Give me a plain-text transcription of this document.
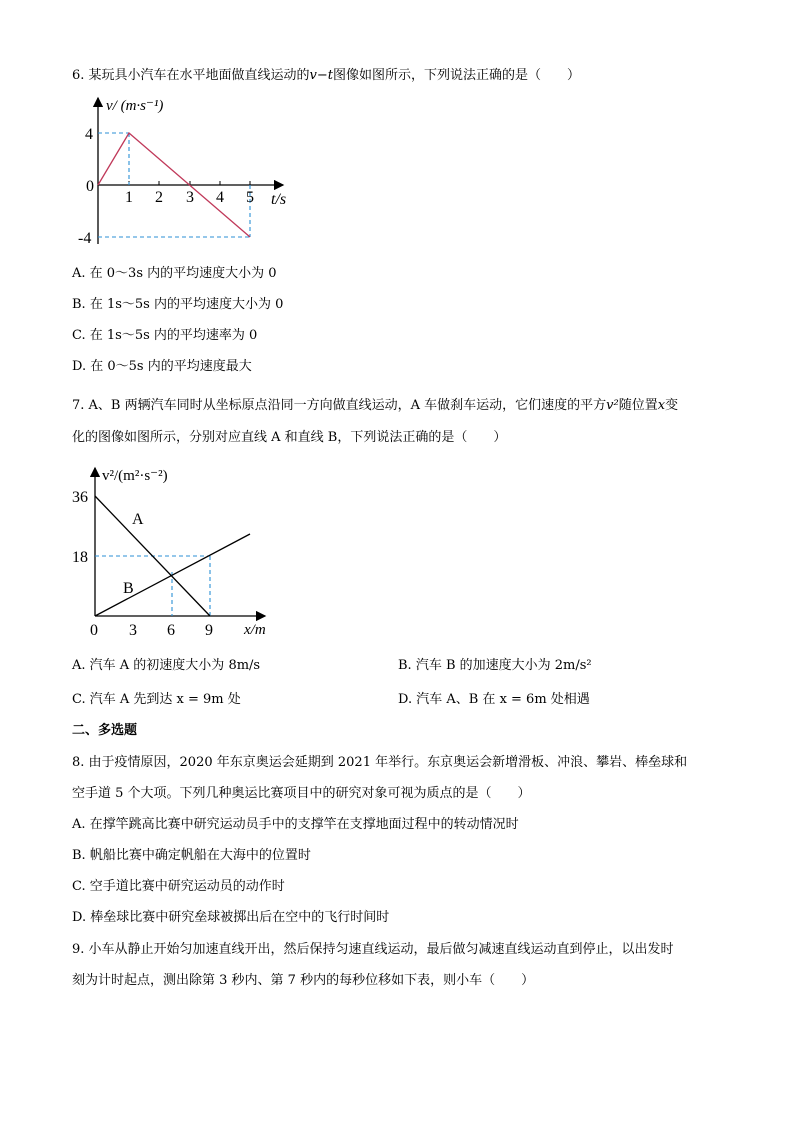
6. 某玩具小汽车在水平地面做直线运动的v−t图像如图所示，下列说法正确的是（　　）
v/ (m·s⁻¹)
t/s
4
0
-4
1 2 3 4 5
A. 在 0～3s 内的平均速度大小为 0
B. 在 1s～5s 内的平均速度大小为 0
C. 在 1s～5s 内的平均速率为 0
D. 在 0～5s 内的平均速度最大
7. A、B 两辆汽车同时从坐标原点沿同一方向做直线运动，A 车做刹车运动，它们速度的平方v²随位置x变
化的图像如图所示，分别对应直线 A 和直线 B，下列说法正确的是（　　）
v²/(m²·s⁻²)
x/m
36
18
0 3 6 9
A
B
A. 汽车 A 的初速度大小为 8m/s	B. 汽车 B 的加速度大小为 2m/s²
C. 汽车 A 先到达 x = 9m 处	D. 汽车 A、B 在 x = 6m 处相遇
二、多选题
8. 由于疫情原因，2020 年东京奥运会延期到 2021 年举行。东京奥运会新增滑板、冲浪、攀岩、棒垒球和
空手道 5 个大项。下列几种奥运比赛项目中的研究对象可视为质点的是（　　）
A. 在撑竿跳高比赛中研究运动员手中的支撑竿在支撑地面过程中的转动情况时
B. 帆船比赛中确定帆船在大海中的位置时
C. 空手道比赛中研究运动员的动作时
D. 棒垒球比赛中研究垒球被掷出后在空中的飞行时间时
9. 小车从静止开始匀加速直线开出，然后保持匀速直线运动，最后做匀减速直线运动直到停止，以出发时
刻为计时起点，测出除第 3 秒内、第 7 秒内的每秒位移如下表，则小车（　　）
